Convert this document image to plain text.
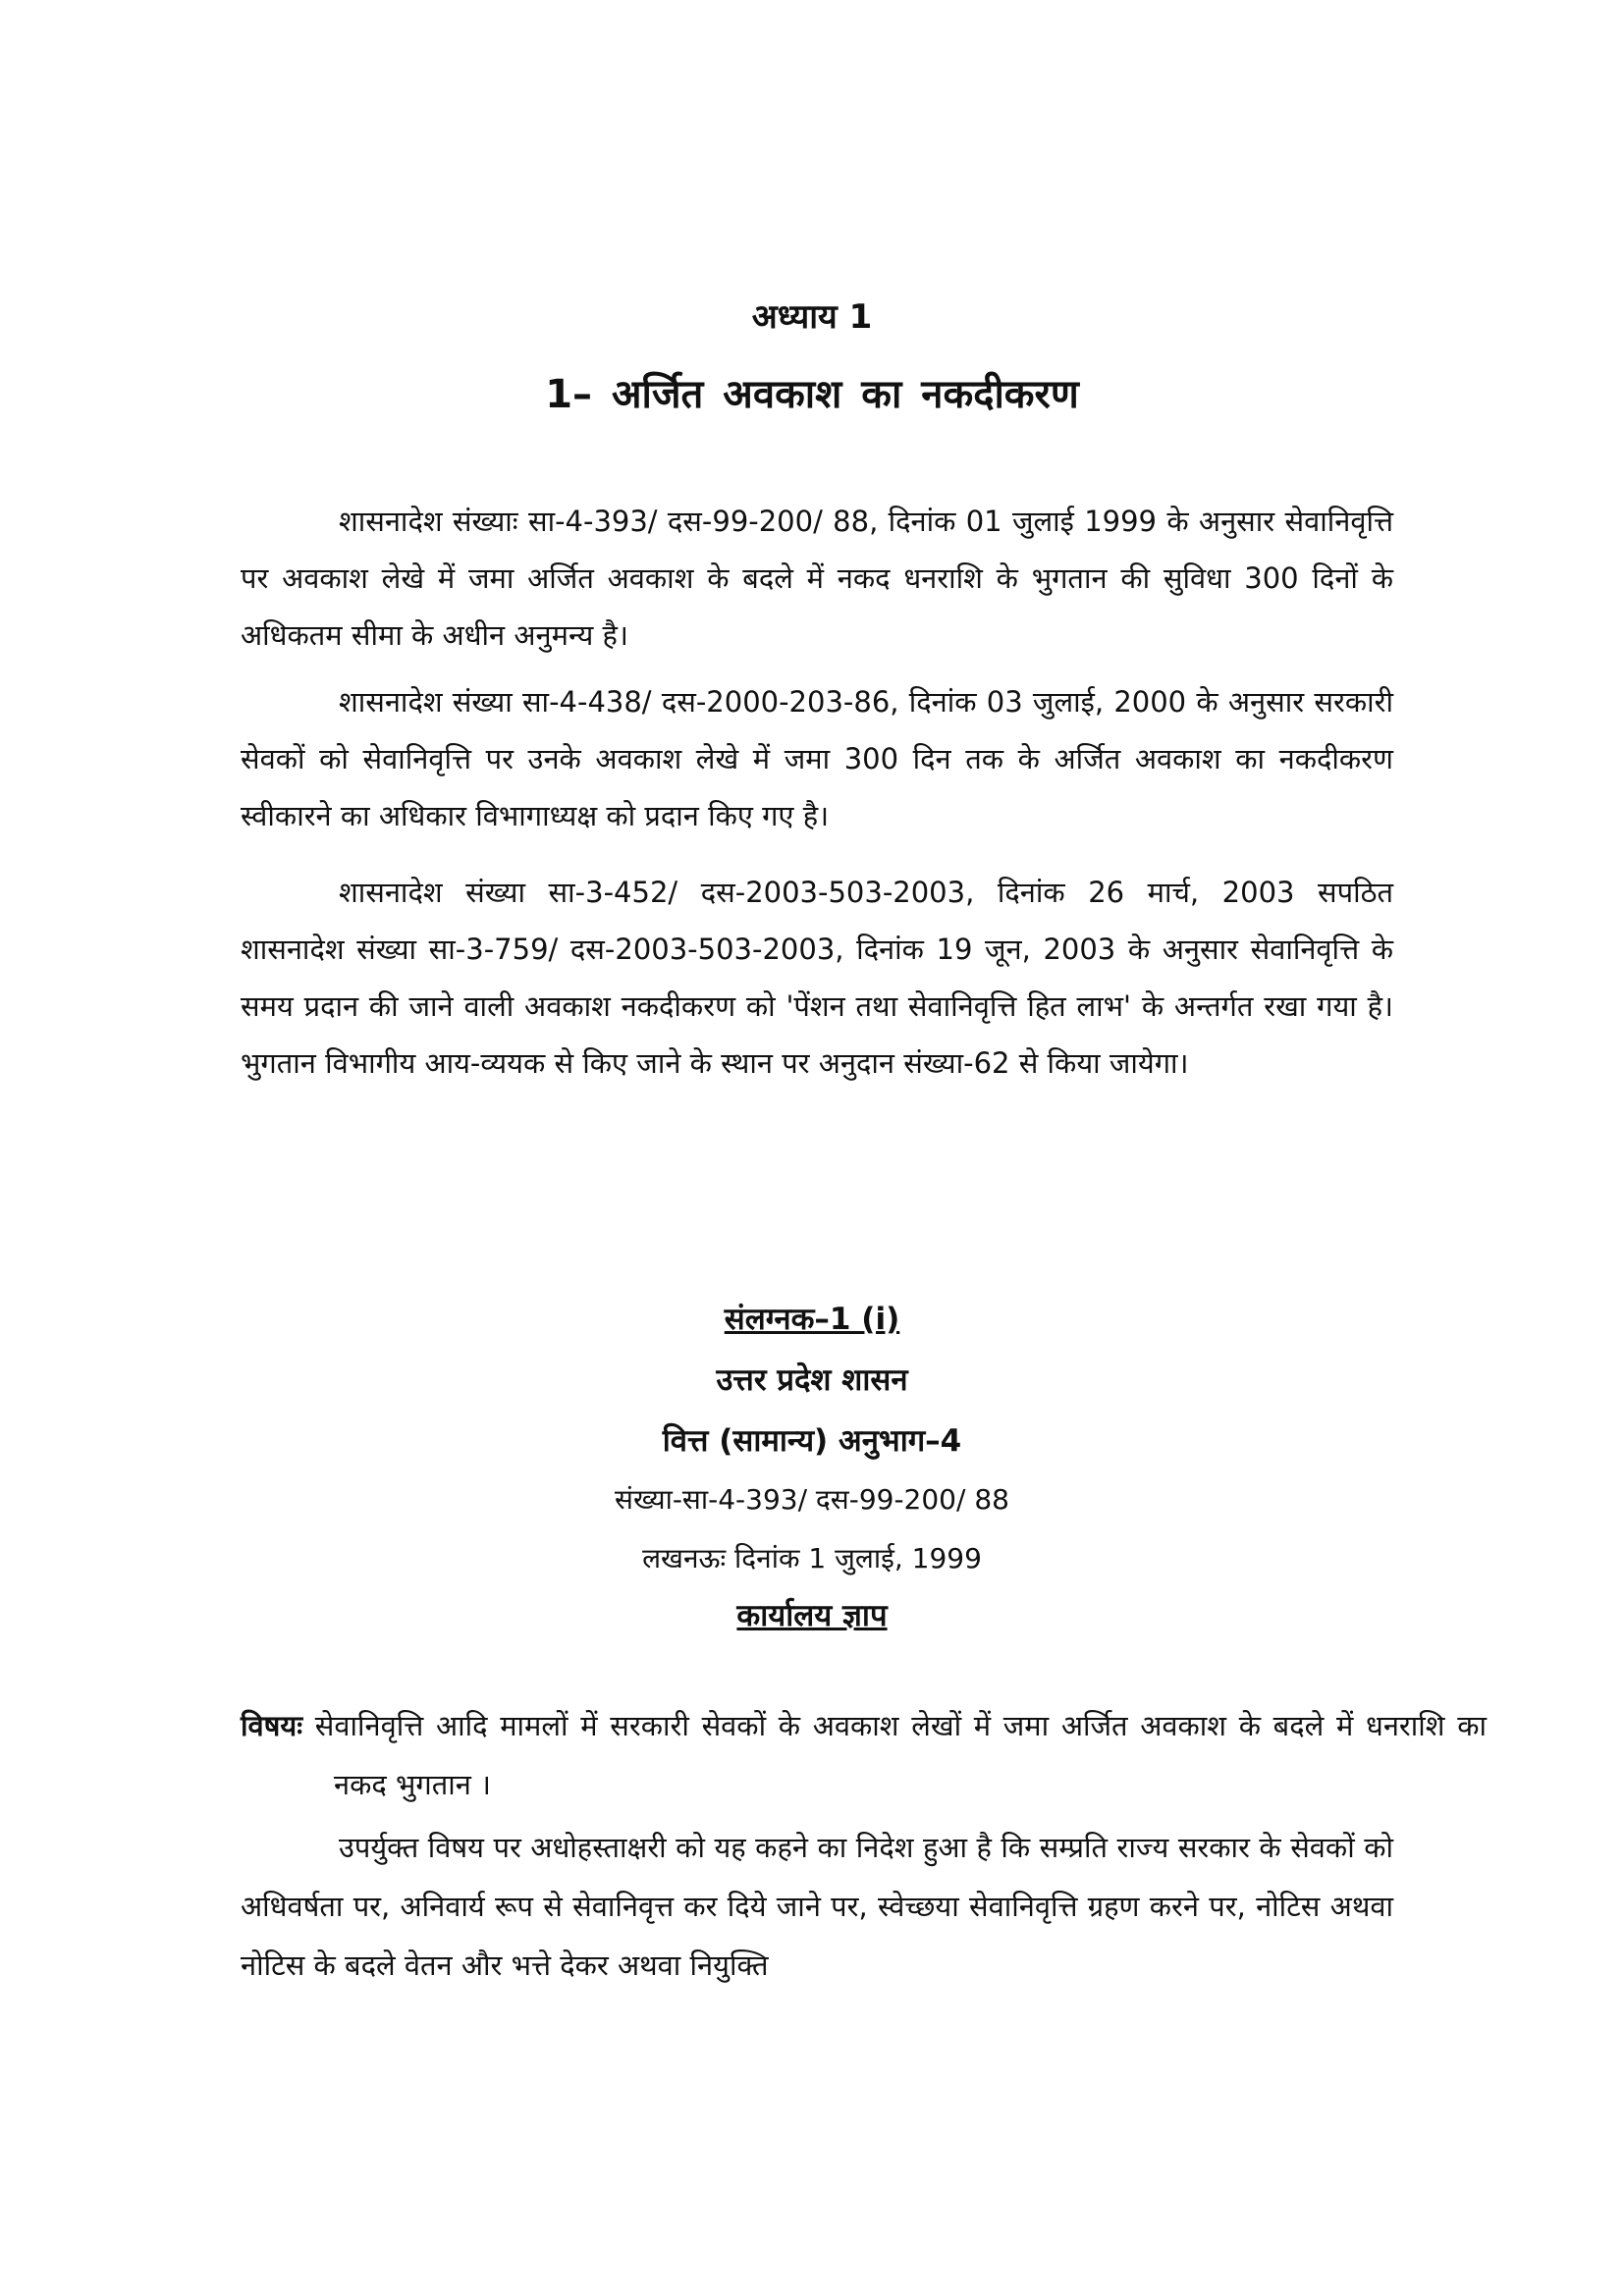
अध्याय 1
1– अर्जित अवकाश का नकदीकरण

शासनादेश संख्याः सा-4-393/ दस-99-200/ 88, दिनांक 01 जुलाई 1999 के अनुसार सेवानिवृत्ति पर अवकाश लेखे में जमा अर्जित अवकाश के बदले में नकद धनराशि के भुगतान की सुविधा 300 दिनों के अधिकतम सीमा के अधीन अनुमन्य है।

शासनादेश संख्या सा-4-438/ दस-2000-203-86, दिनांक 03 जुलाई, 2000 के अनुसार सरकारी सेवकों को सेवानिवृत्ति पर उनके अवकाश लेखे में जमा 300 दिन तक के अर्जित अवकाश का नकदीकरण स्वीकारने का अधिकार विभागाध्यक्ष को प्रदान किए गए है।

शासनादेश संख्या सा-3-452/ दस-2003-503-2003, दिनांक 26 मार्च, 2003 सपठित शासनादेश संख्या सा-3-759/ दस-2003-503-2003, दिनांक 19 जून, 2003 के अनुसार सेवानिवृत्ति के समय प्रदान की जाने वाली अवकाश नकदीकरण को 'पेंशन तथा सेवानिवृत्ति हित लाभ' के अन्तर्गत रखा गया है। भुगतान विभागीय आय-व्ययक से किए जाने के स्थान पर अनुदान संख्या-62 से किया जायेगा।

संलग्नक–1 (i)
उत्तर प्रदेश शासन
वित्त (सामान्य) अनुभाग–4
संख्या-सा-4-393/ दस-99-200/ 88
लखनऊः दिनांक 1 जुलाई, 1999
कार्यालय ज्ञाप

विषयः सेवानिवृत्ति आदि मामलों में सरकारी सेवकों के अवकाश लेखों में जमा अर्जित अवकाश के बदले में धनराशि का नकद भुगतान ।

उपर्युक्त विषय पर अधोहस्ताक्षरी को यह कहने का निदेश हुआ है कि सम्प्रति राज्य सरकार के सेवकों को अधिवर्षता पर, अनिवार्य रूप से सेवानिवृत्त कर दिये जाने पर, स्वेच्छया सेवानिवृत्ति ग्रहण करने पर, नोटिस अथवा नोटिस के बदले वेतन और भत्ते देकर अथवा नियुक्ति
